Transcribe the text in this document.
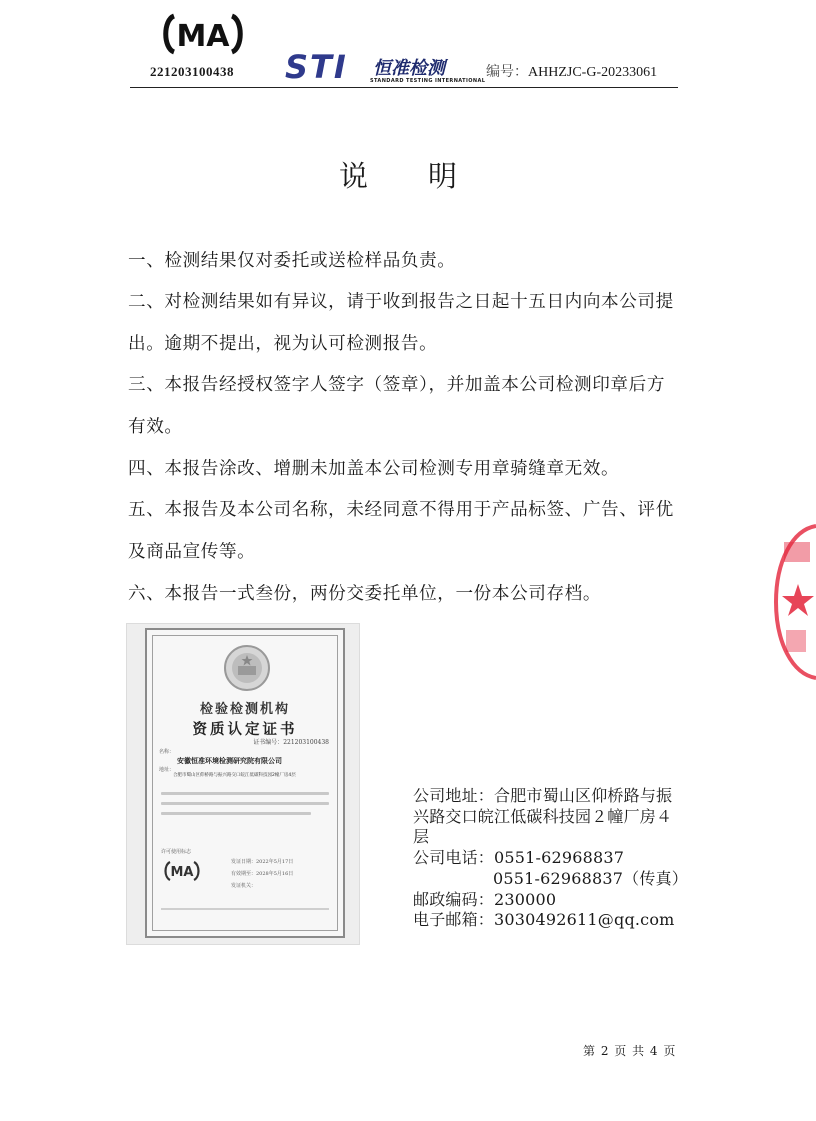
MA
221203100438 STI 恒准检测
STANDARD TESTING INTERNATIONAL
编号：AHHZJC-G-20233061
说 明
一、检测结果仅对委托或送检样品负责。
二、对检测结果如有异议，请于收到报告之日起十五日内向本公司提
出。逾期不提出，视为认可检测报告。
三、本报告经授权签字人签字（签章），并加盖本公司检测印章后方
有效。
四、本报告涂改、增删未加盖本公司检测专用章骑缝章无效。
五、本报告及本公司名称，未经同意不得用于产品标签、广告、评优
及商品宣传等。
六、本报告一式叁份，两份交委托单位，一份本公司存档。
检验检测机构
资质认定证书
证书编号：221203100438
名称：
安徽恒准环境检测研究院有限公司
地址：
合肥市蜀山区仰桥路与振兴路交口皖江低碳科技园2幢厂房4层
许可使用标志
MA
发证日期：2022年5月17日
有效期至：2028年5月16日
发证机关：
公司地址：合肥市蜀山区仰桥路与振
兴路交口皖江低碳科技园２幢厂房４
层
公司电话：0551-62968837
0551-62968837（传真）
邮政编码：230000
电子邮箱：3030492611@qq.com
第 2 页 共 4 页
